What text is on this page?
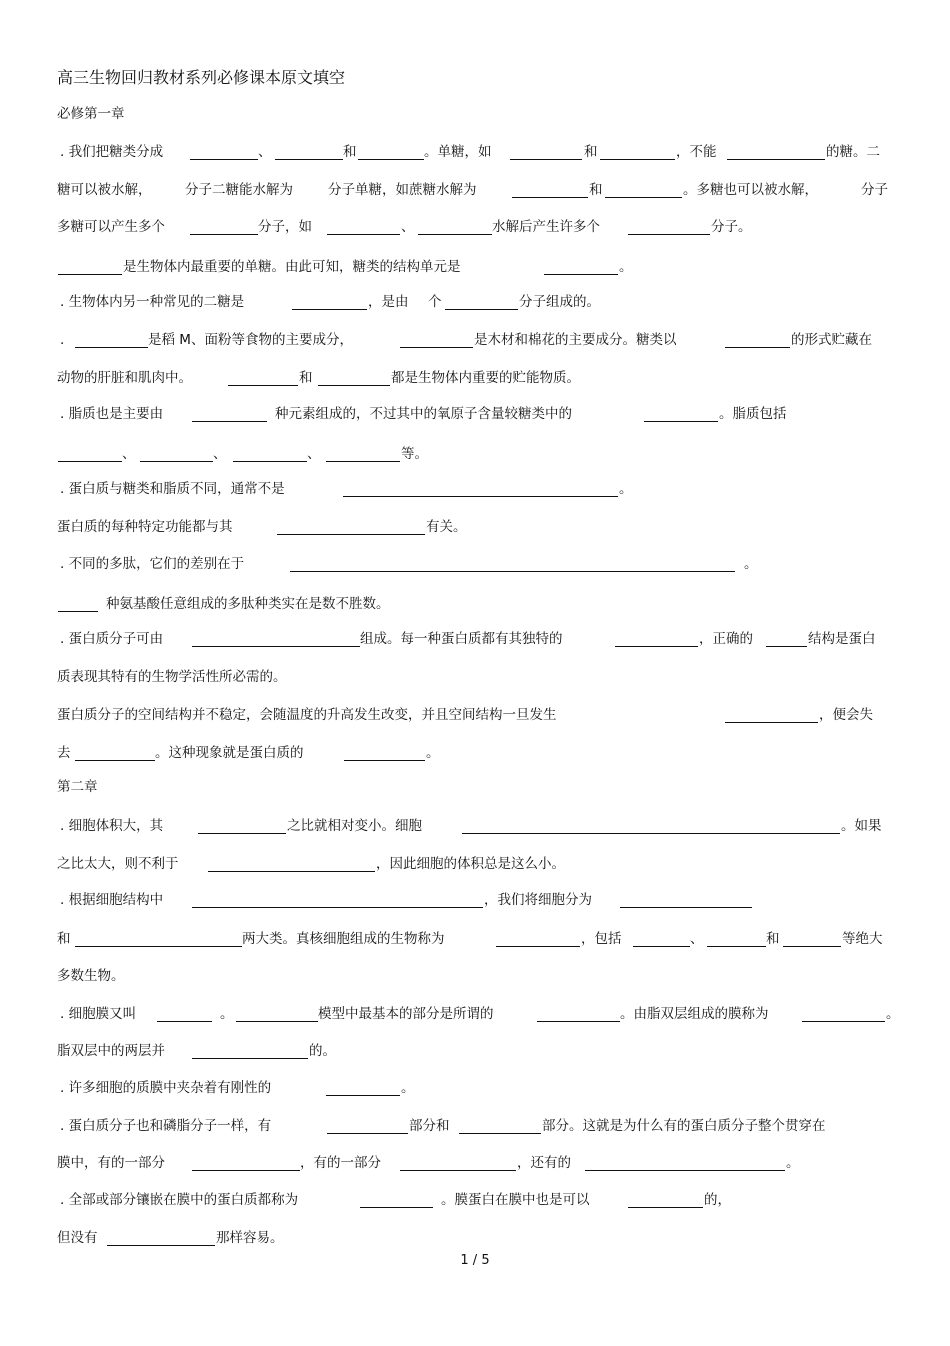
高三生物回归教材系列必修课本原文填空
必修第一章
. 我们把糖类分成	、	和	。单糖，如	和	，不能	的糖。二
糖可以被水解， 分子二糖能水解为	分子单糖，如蔗糖水解为	和	。多糖也可以被水解，	分子
多糖可以产生多个	分子，如	、	水解后产生许多个	分子。
是生物体内最重要的单糖。由此可知，糖类的结构单元是	。
. 生物体内另一种常见的二糖是	，是由 个	分子组成的。
.	是稻 M、面粉等食物的主要成分，	是木材和棉花的主要成分。糖类以	的形式贮藏在
动物的肝脏和肌肉中。	和	都是生物体内重要的贮能物质。
. 脂质也是主要由	种元素组成的，不过其中的氧原子含量较糖类中的	。脂质包括
、	、	、	等。
. 蛋白质与糖类和脂质不同，通常不是	。
蛋白质的每种特定功能都与其	有关。
. 不同的多肽，它们的差别在于	。
种氨基酸任意组成的多肽种类实在是数不胜数。
. 蛋白质分子可由	组成。每一种蛋白质都有其独特的	，正确的	结构是蛋白
质表现其特有的生物学活性所必需的。
蛋白质分子的空间结构并不稳定，会随温度的升高发生改变，并且空间结构一旦发生	，便会失
去	。这种现象就是蛋白质的	。
. 细胞体积大，其	之比就相对变小。细胞	。如果
之比太大，则不利于	，因此细胞的体积总是这么小。
. 根据细胞结构中	，我们将细胞分为
和	两大类。真核细胞组成的生物称为	，包括	、	和	等绝大
多数生物。
. 细胞膜又叫	。	模型中最基本的部分是所谓的	。由脂双层组成的膜称为	。
脂双层中的两层并	的。
. 许多细胞的质膜中夹杂着有刚性的	。
. 蛋白质分子也和磷脂分子一样，有	部分和	部分。这就是为什么有的蛋白质分子整个贯穿在
膜中，有的一部分	，有的一部分	，还有的	。
. 全部或部分镶嵌在膜中的蛋白质都称为	。膜蛋白在膜中也是可以	的，
但没有	那样容易。
第二章
1 / 5
